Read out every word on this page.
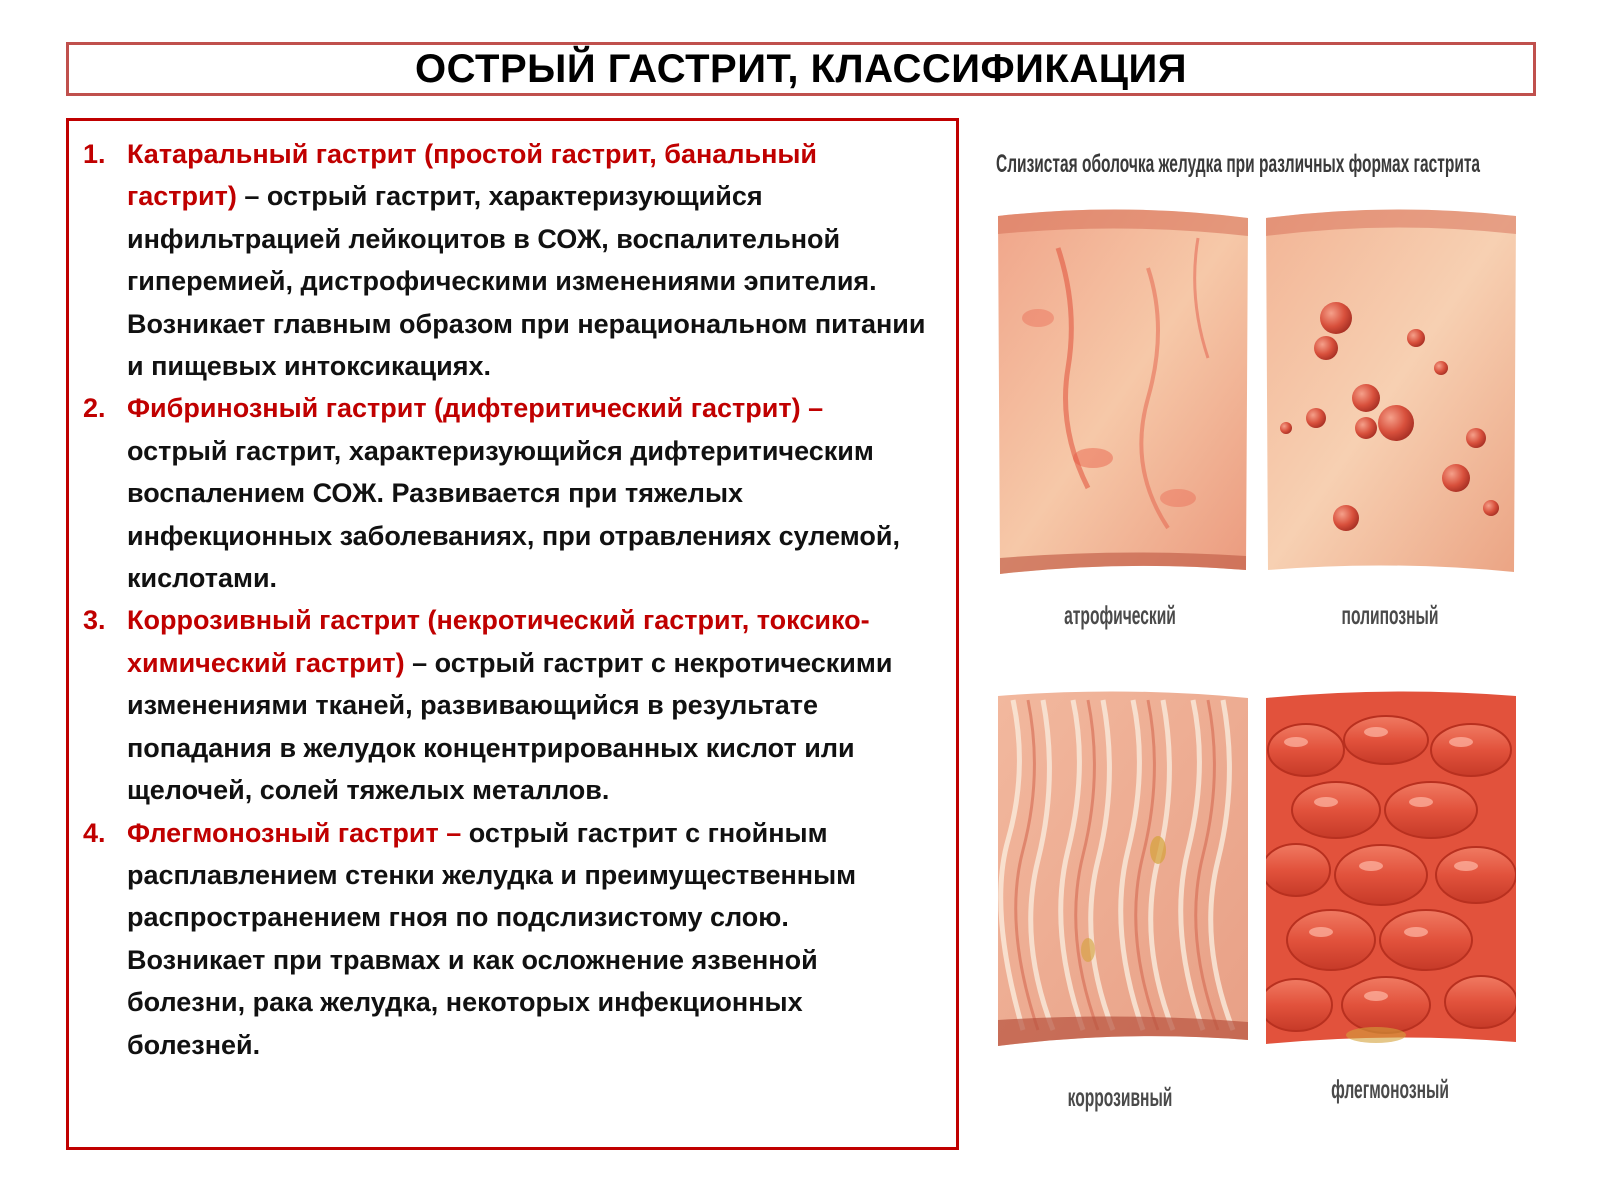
ОСТРЫЙ ГАСТРИТ, КЛАССИФИКАЦИЯ
1. Катаральный гастрит (простой гастрит, банальный гастрит) – острый гастрит, характеризующийся инфильтрацией лейкоцитов в СОЖ, воспалительной гиперемией, дистрофическими изменениями эпителия. Возникает главным образом при нерациональном питании и пищевых интоксикациях.
2. Фибринозный гастрит (дифтеритический гастрит) – острый гастрит, характеризующийся дифтеритическим воспалением СОЖ. Развивается при тяжелых инфекционных заболеваниях, при отравлениях сулемой, кислотами.
3. Коррозивный гастрит (некротический гастрит, токсико-химический гастрит) – острый гастрит с некротическими изменениями тканей, развивающийся в результате попадания в желудок концентрированных кислот или щелочей, солей тяжелых металлов.
4. Флегмонозный гастрит – острый гастрит с гнойным расплавлением стенки желудка и преимущественным распространением гноя по подслизистому слою. Возникает при травмах и как осложнение язвенной болезни, рака желудка, некоторых инфекционных болезней.
Слизистая оболочка желудка при различных формах гастрита
атрофический	полипозный
коррозивный	флегмонозный
